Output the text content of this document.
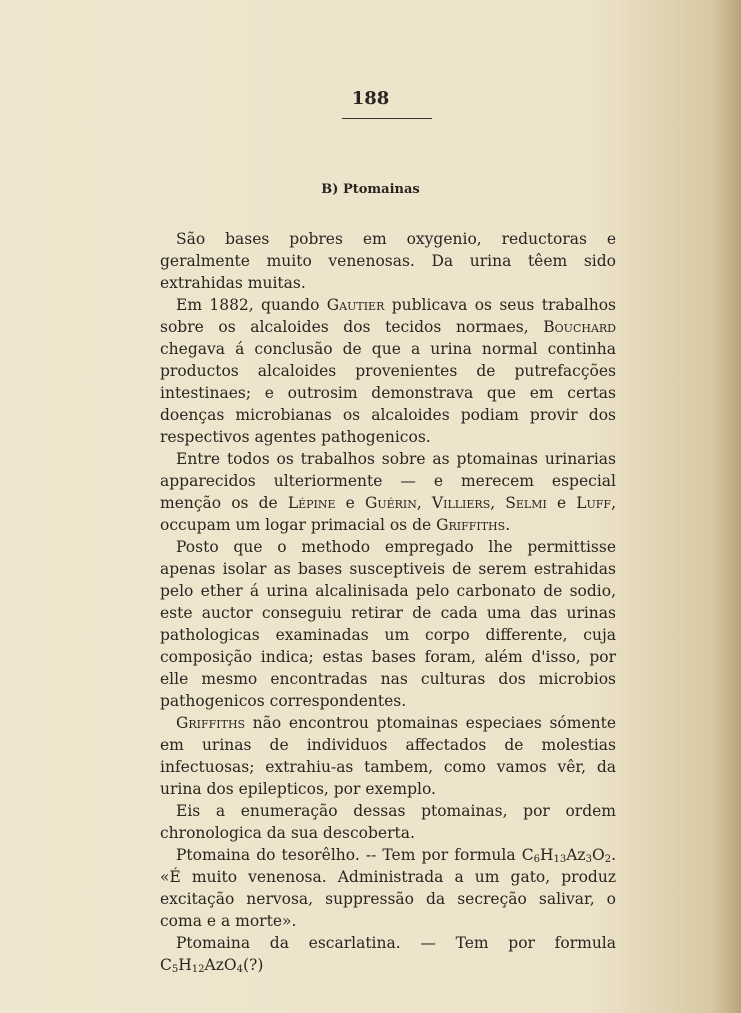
188
B) Ptomainas

São bases pobres em oxygenio, reductoras e geralmente muito venenosas. Da urina têem sido extrahidas muitas.

Em 1882, quando Gautier publicava os seus trabalhos sobre os alcaloides dos tecidos normaes, Bouchard chegava á conclusão de que a urina normal continha productos alcaloides provenientes de putrefacções intestinaes; e outrosim demonstrava que em certas doenças microbianas os alcaloides podiam provir dos respectivos agentes pathogenicos.

Entre todos os trabalhos sobre as ptomainas urinarias apparecidos ulteriormente — e merecem especial menção os de Lépine e Guérin, Villiers, Selmi e Luff, occupam um logar primacial os de Griffiths.

Posto que o methodo empregado lhe permittisse apenas isolar as bases susceptiveis de serem estrahidas pelo ether á urina alcalinisada pelo carbonato de sodio, este auctor conseguiu retirar de cada uma das urinas pathologicas examinadas um corpo differente, cuja composição indica; estas bases foram, além d'isso, por elle mesmo encontradas nas culturas dos microbios pathogenicos correspondentes.

Griffiths não encontrou ptomainas especiaes sómente em urinas de individuos affectados de molestias infectuosas; extrahiu-as tambem, como vamos vêr, da urina dos epilepticos, por exemplo.

Eis a enumeração dessas ptomainas, por ordem chronologica da sua descoberta.

Ptomaina do tesorêlho. -- Tem por formula $C_6H_{13}Az_3O_2$. «É muito venenosa. Administrada a um gato, produz excitação nervosa, suppressão da secreção salivar, o coma e a morte».

Ptomaina da escarlatina. — Tem por formula $C_5H_{12}AzO_4(?)$
